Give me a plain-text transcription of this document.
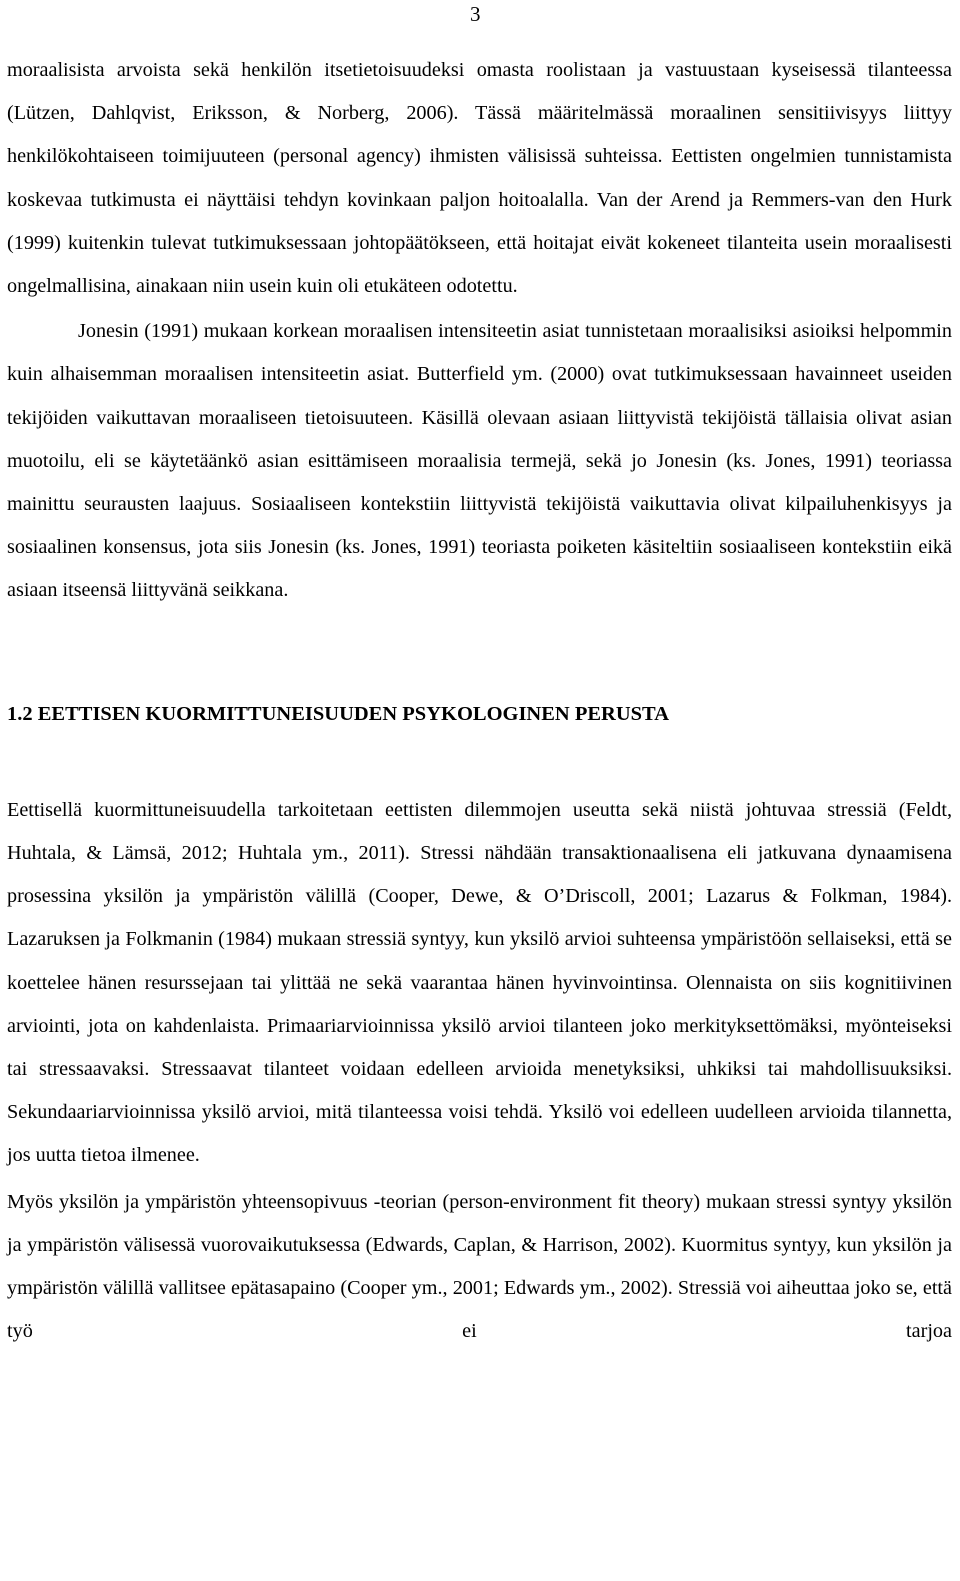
3

moraalisista arvoista sekä henkilön itsetietoisuudeksi omasta roolistaan ja vastuustaan kyseisessä tilanteessa (Lützen, Dahlqvist, Eriksson, & Norberg, 2006). Tässä määritelmässä moraalinen sensitiivisyys liittyy henkilökohtaiseen toimijuuteen (personal agency) ihmisten välisissä suhteissa. Eettisten ongelmien tunnistamista koskevaa tutkimusta ei näyttäisi tehdyn kovinkaan paljon hoitoalalla. Van der Arend ja Remmers-van den Hurk (1999) kuitenkin tulevat tutkimuksessaan johtopäätökseen, että hoitajat eivät kokeneet tilanteita usein moraalisesti ongelmallisina, ainakaan niin usein kuin oli etukäteen odotettu.

Jonesin (1991) mukaan korkean moraalisen intensiteetin asiat tunnistetaan moraalisiksi asioiksi helpommin kuin alhaisemman moraalisen intensiteetin asiat. Butterfield ym. (2000) ovat tutkimuksessaan havainneet useiden tekijöiden vaikuttavan moraaliseen tietoisuuteen. Käsillä olevaan asiaan liittyvistä tekijöistä tällaisia olivat asian muotoilu, eli se käytetäänkö asian esittämiseen moraalisia termejä, sekä jo Jonesin (ks. Jones, 1991) teoriassa mainittu seurausten laajuus. Sosiaaliseen kontekstiin liittyvistä tekijöistä vaikuttavia olivat kilpailuhenkisyys ja sosiaalinen konsensus, jota siis Jonesin (ks. Jones, 1991) teoriasta poiketen käsiteltiin sosiaaliseen kontekstiin eikä asiaan itseensä liittyvänä seikkana.

1.2 EETTISEN KUORMITTUNEISUUDEN PSYKOLOGINEN PERUSTA

Eettisellä kuormittuneisuudella tarkoitetaan eettisten dilemmojen useutta sekä niistä johtuvaa stressiä (Feldt, Huhtala, & Lämsä, 2012; Huhtala ym., 2011). Stressi nähdään transaktionaalisena eli jatkuvana dynaamisena prosessina yksilön ja ympäristön välillä (Cooper, Dewe, & O’Driscoll, 2001; Lazarus & Folkman, 1984). Lazaruksen ja Folkmanin (1984) mukaan stressiä syntyy, kun yksilö arvioi suhteensa ympäristöön sellaiseksi, että se koettelee hänen resurssejaan tai ylittää ne sekä vaarantaa hänen hyvinvointinsa. Olennaista on siis kognitiivinen arviointi, jota on kahdenlaista. Primaariarvioinnissa yksilö arvioi tilanteen joko merkityksettömäksi, myönteiseksi tai stressaavaksi. Stressaavat tilanteet voidaan edelleen arvioida menetyksiksi, uhkiksi tai mahdollisuuksiksi. Sekundaariarvioinnissa yksilö arvioi, mitä tilanteessa voisi tehdä. Yksilö voi edelleen uudelleen arvioida tilannetta, jos uutta tietoa ilmenee.

Myös yksilön ja ympäristön yhteensopivuus -teorian (person-environment fit theory) mukaan stressi syntyy yksilön ja ympäristön välisessä vuorovaikutuksessa (Edwards, Caplan, & Harrison, 2002). Kuormitus syntyy, kun yksilön ja ympäristön välillä vallitsee epätasapaino (Cooper ym., 2001; Edwards ym., 2002). Stressiä voi aiheuttaa joko se, että työ ei tarjoa
